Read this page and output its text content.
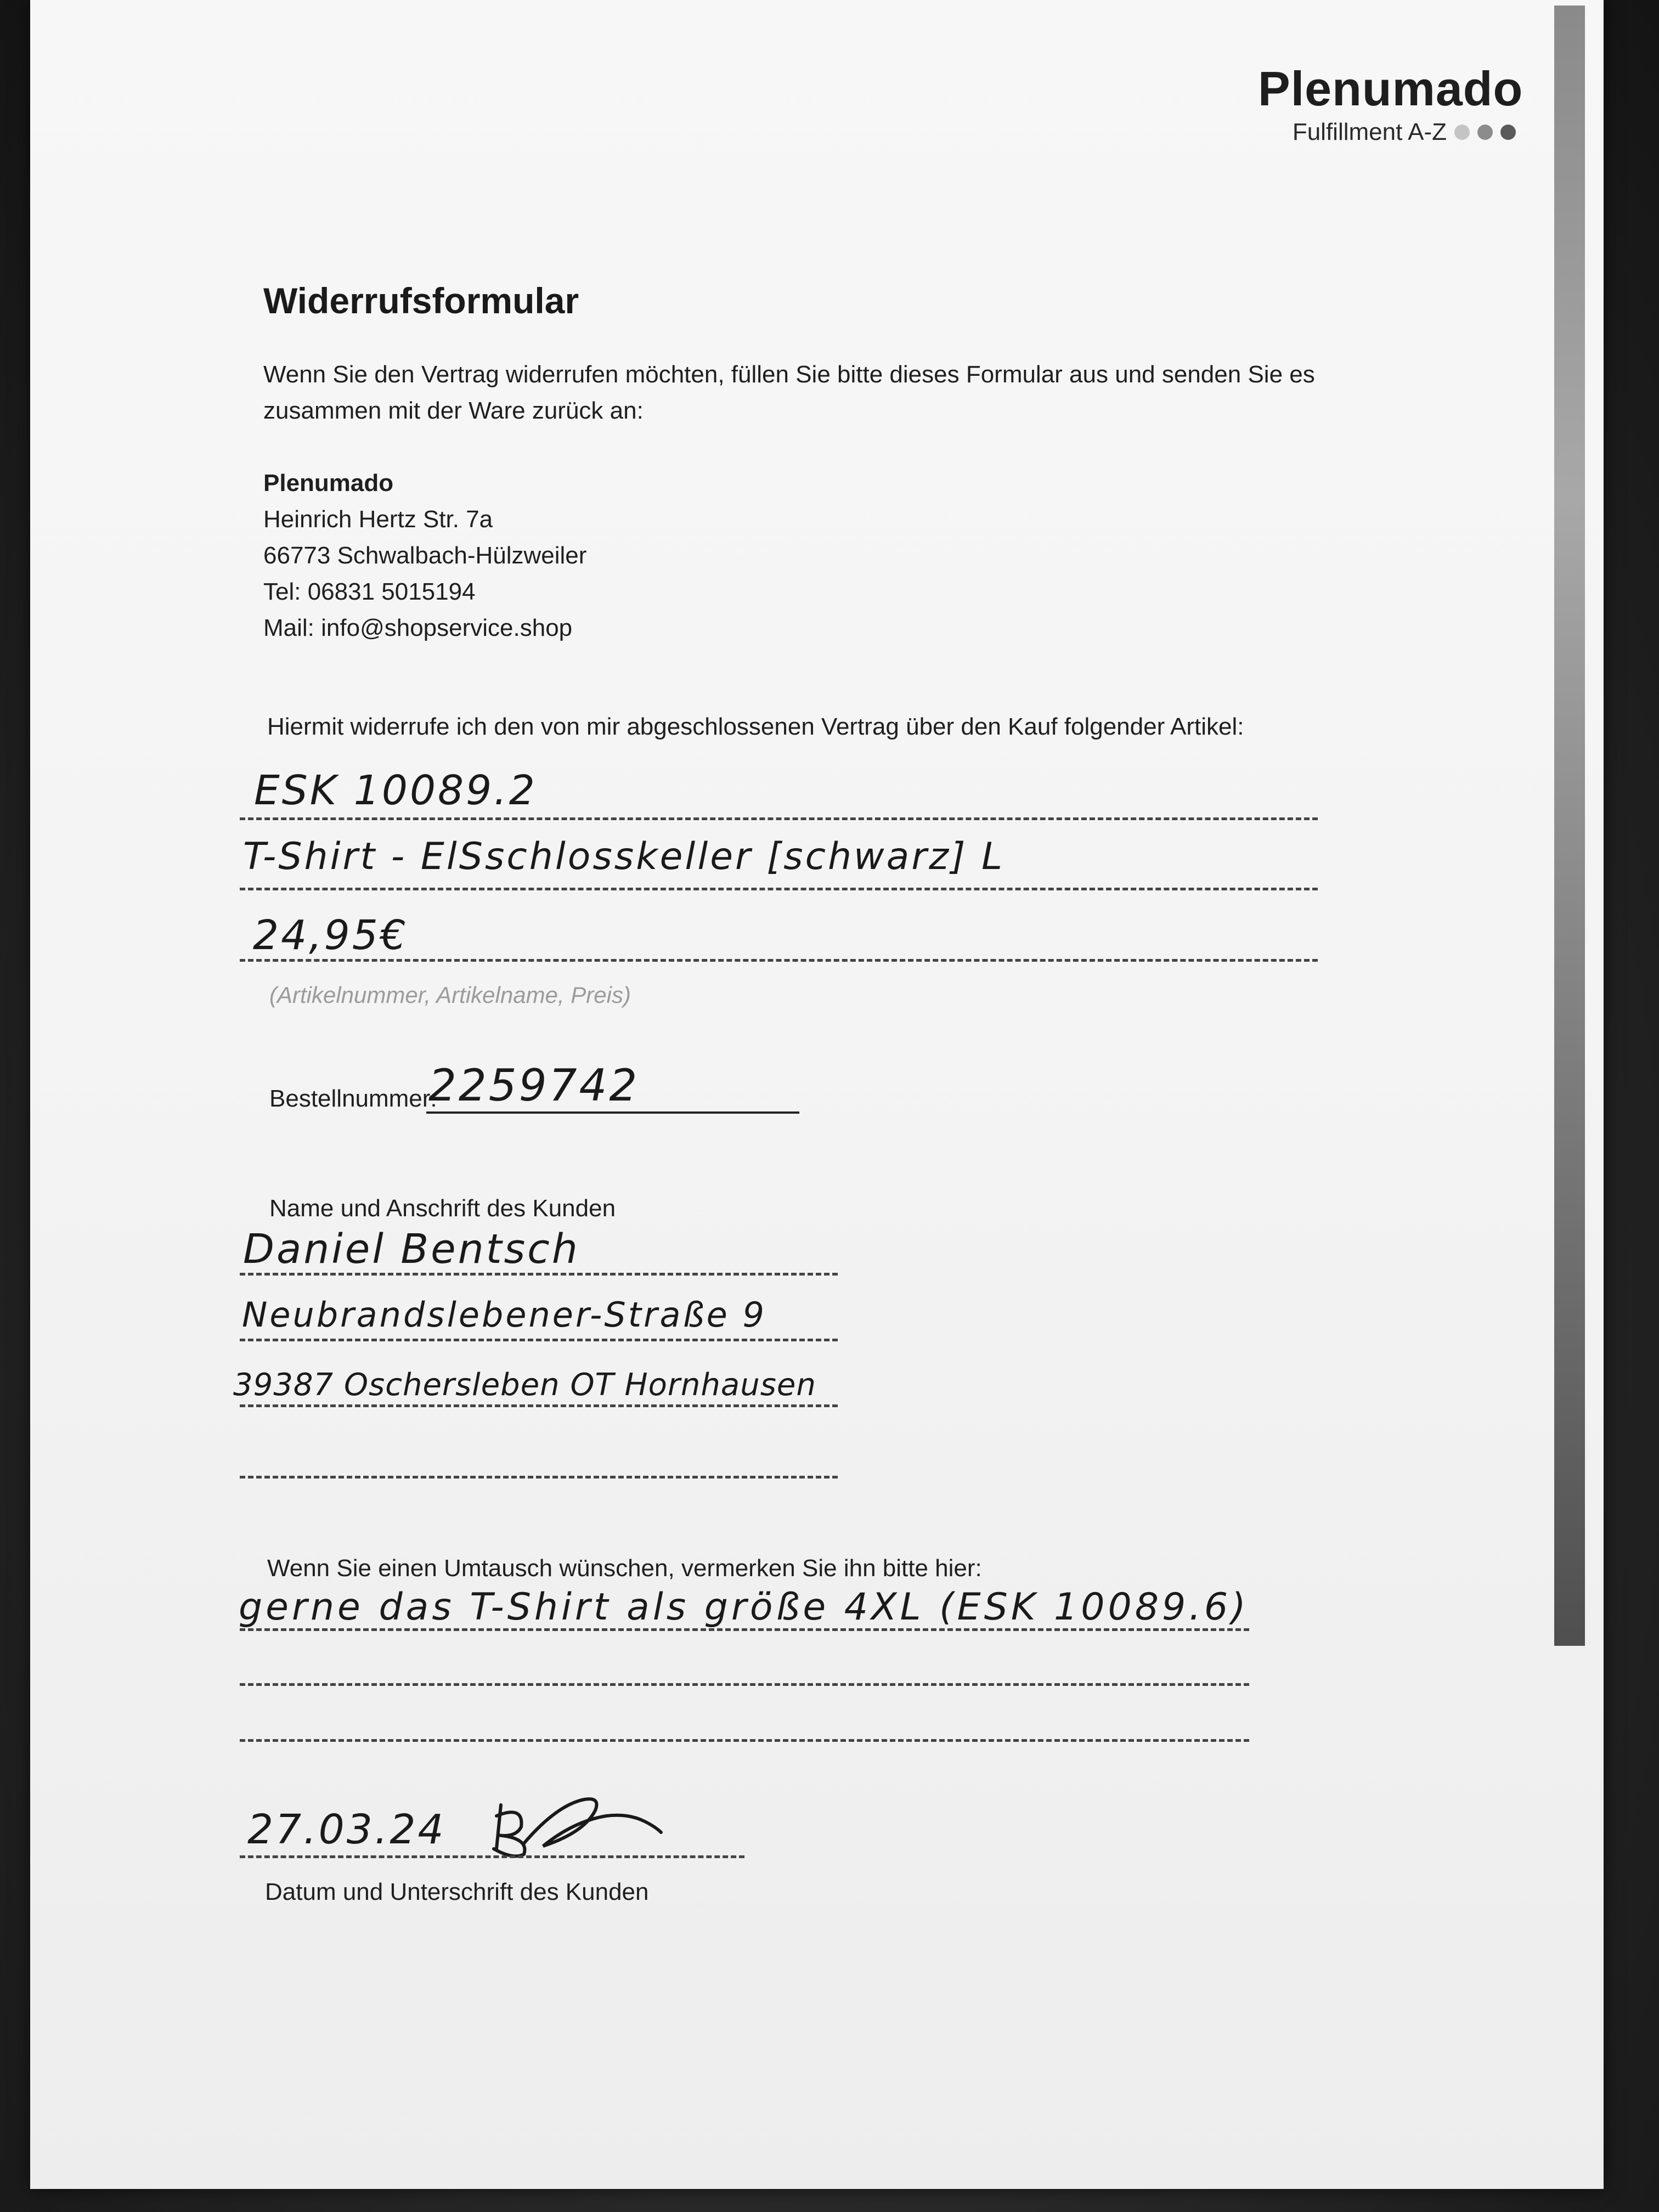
Plenumado
Fulfillment A-Z
Widerrufsformular
Wenn Sie den Vertrag widerrufen möchten, füllen Sie bitte dieses Formular aus und senden Sie es
zusammen mit der Ware zurück an:
Plenumado
Heinrich Hertz Str. 7a
66773 Schwalbach-Hülzweiler
Tel: 06831 5015194
Mail: info@shopservice.shop
Hiermit widerrufe ich den von mir abgeschlossenen Vertrag über den Kauf folgender Artikel:
ESK 10089.2
T-Shirt - ElSschlosskeller [schwarz] L
24,95€
(Artikelnummer, Artikelname, Preis)
Bestellnummer:
2259742
Name und Anschrift des Kunden
Daniel Bentsch
Neubrandslebener-Straße 9
39387 Oschersleben OT Hornhausen
Wenn Sie einen Umtausch wünschen, vermerken Sie ihn bitte hier:
gerne das T-Shirt als größe 4XL (ESK 10089.6)
27.03.24
Datum und Unterschrift des Kunden
